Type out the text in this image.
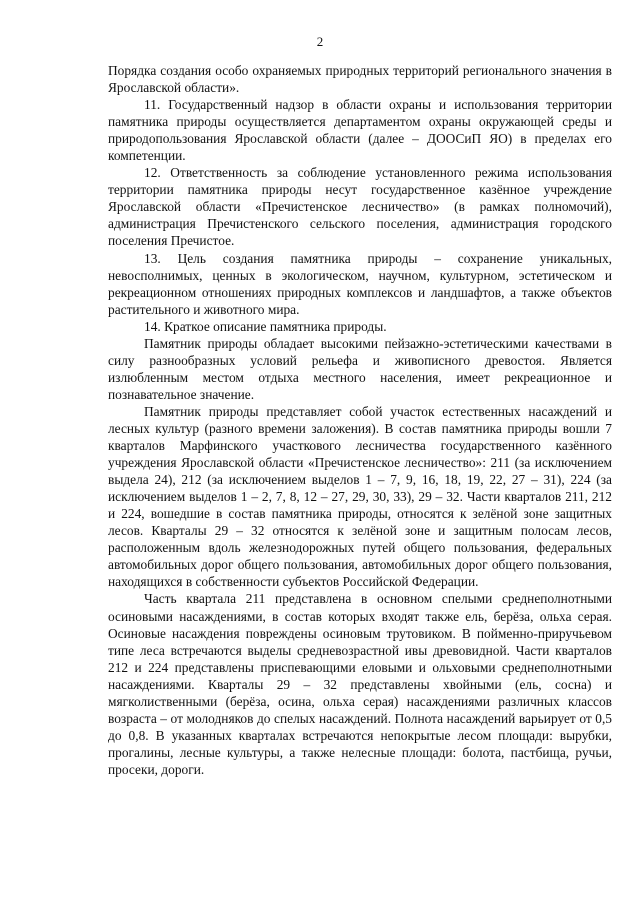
2

Порядка создания особо охраняемых природных территорий регионального значения в Ярославской области».

11. Государственный надзор в области охраны и использования территории памятника природы осуществляется департаментом охраны окружающей среды и природопользования Ярославской области (далее – ДООСиП ЯО) в пределах его компетенции.

12. Ответственность за соблюдение установленного режима использования территории памятника природы несут государственное казённое учреждение Ярославской области «Пречистенское лесничество» (в рамках полномочий), администрация Пречистенского сельского поселения, администрация городского поселения Пречистое.

13. Цель создания памятника природы – сохранение уникальных, невосполнимых, ценных в экологическом, научном, культурном, эстетическом и рекреационном отношениях природных комплексов и ландшафтов, а также объектов растительного и животного мира.

14. Краткое описание памятника природы.

Памятник природы обладает высокими пейзажно-эстетическими качествами в силу разнообразных условий рельефа и живописного древостоя. Является излюбленным местом отдыха местного населения, имеет рекреационное и познавательное значение.

Памятник природы представляет собой участок естественных насаждений и лесных культур (разного времени заложения). В состав памятника природы вошли 7 кварталов Марфинского участкового лесничества государственного казённого учреждения Ярославской области «Пречистенское лесничество»: 211 (за исключением выдела 24), 212 (за исключением выделов 1 – 7, 9, 16, 18, 19, 22, 27 – 31), 224 (за исключением выделов 1 – 2, 7, 8, 12 – 27, 29, 30, 33), 29 – 32. Части кварталов 211, 212 и 224, вошедшие в состав памятника природы, относятся к зелёной зоне защитных лесов. Кварталы 29 – 32 относятся к зелёной зоне и защитным полосам лесов, расположенным вдоль железнодорожных путей общего пользования, федеральных автомобильных дорог общего пользования, автомобильных дорог общего пользования, находящихся в собственности субъектов Российской Федерации.

Часть квартала 211 представлена в основном спелыми среднеполнотными осиновыми насаждениями, в состав которых входят также ель, берёза, ольха серая. Осиновые насаждения повреждены осиновым трутовиком. В пойменно-приручьевом типе леса встречаются выделы средневозрастной ивы древовидной. Части кварталов 212 и 224 представлены приспевающими еловыми и ольховыми среднеполнотными насаждениями. Кварталы 29 – 32 представлены хвойными (ель, сосна) и мягколиственными (берёза, осина, ольха серая) насаждениями различных классов возраста – от молодняков до спелых насаждений. Полнота насаждений варьирует от 0,5 до 0,8. В указанных кварталах встречаются непокрытые лесом площади: вырубки, прогалины, лесные культуры, а также нелесные площади: болота, пастбища, ручьи, просеки, дороги.
